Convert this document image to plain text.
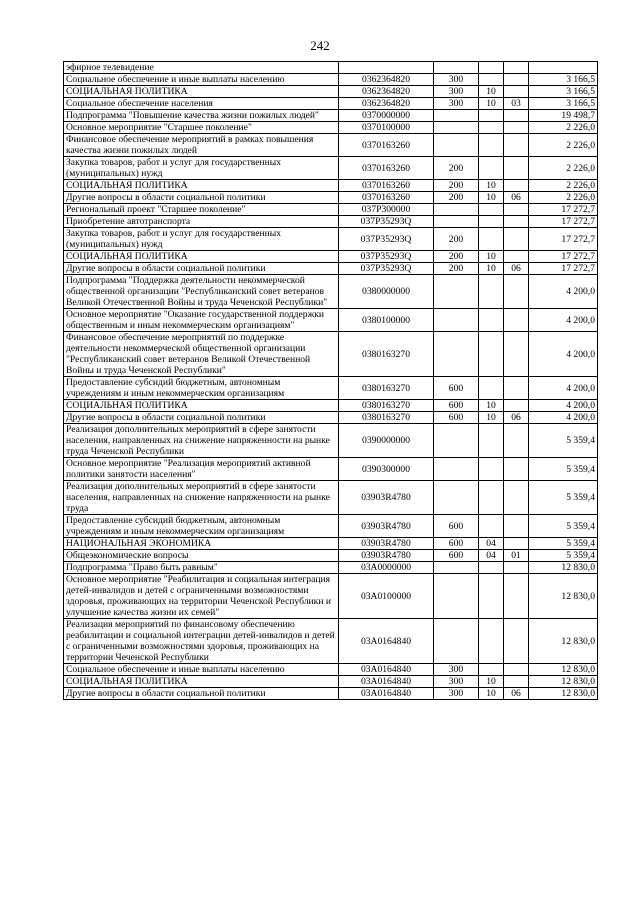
242
эфирное телевидение					
Социальное обеспечение и иные выплаты населению	0362364820	300			3 166,5
СОЦИАЛЬНАЯ ПОЛИТИКА	0362364820	300	10		3 166,5
Социальное обеспечение населения	0362364820	300	10	03	3 166,5
Подпрограмма "Повышение качества жизни пожилых людей"	0370000000				19 498,7
Основное мероприятие "Старшее поколение"	0370100000				2 226,0
Финансовое обеспечение мероприятий в рамках повышения качества жизни пожилых людей	0370163260				2 226,0
Закупка товаров, работ и услуг для государственных (муниципальных) нужд	0370163260	200			2 226,0
СОЦИАЛЬНАЯ ПОЛИТИКА	0370163260	200	10		2 226,0
Другие вопросы в области социальной политики	0370163260	200	10	06	2 226,0
Региональный проект "Старшее поколение"	037P300000				17 272,7
Приобретение автотранспорта	037P35293Q				17 272,7
Закупка товаров, работ и услуг для государственных (муниципальных) нужд	037P35293Q	200			17 272,7
СОЦИАЛЬНАЯ ПОЛИТИКА	037P35293Q	200	10		17 272,7
Другие вопросы в области социальной политики	037P35293Q	200	10	06	17 272,7
Подпрограмма "Поддержка деятельности некоммерческой общественной организации "Республиканский совет ветеранов Великой Отечественной Войны и труда Чеченской Республики"	0380000000				4 200,0
Основное мероприятие "Оказание государственной поддержки общественным и иным некоммерческим организациям"	0380100000				4 200,0
Финансовое обеспечение мероприятий по поддержке деятельности некоммерческой общественной организации "Республиканский совет ветеранов Великой Отечественной Войны и труда Чеченской Республики"	0380163270				4 200,0
Предоставление субсидий бюджетным, автономным учреждениям и иным некоммерческим организациям	0380163270	600			4 200,0
СОЦИАЛЬНАЯ ПОЛИТИКА	0380163270	600	10		4 200,0
Другие вопросы в области социальной политики	0380163270	600	10	06	4 200,0
Реализация дополнительных мероприятий в сфере занятости населения, направленных на снижение напряженности на рынке труда Чеченской Республики	0390000000				5 359,4
Основное мероприятие "Реализация мероприятий активной политики занятости населения"	0390300000				5 359,4
Реализация дополнительных мероприятий в сфере занятости населения, направленных на снижение напряженности на рынке труда	03903R4780				5 359,4
Предоставление субсидий бюджетным, автономным учреждениям и иным некоммерческим организациям	03903R4780	600			5 359,4
НАЦИОНАЛЬНАЯ ЭКОНОМИКА	03903R4780	600	04		5 359,4
Общеэкономические вопросы	03903R4780	600	04	01	5 359,4
Подпрограмма "Право быть равным"	03A0000000				12 830,0
Основное мероприятие "Реабилитация и социальная интеграция детей-инвалидов и детей с ограниченными возможностями здоровья, проживающих на территории Чеченской Республики и улучшение качества жизни их семей"	03A0100000				12 830,0
Реализация мероприятий по финансовому обеспечению реабилитации и социальной интеграции детей-инвалидов и детей с ограниченными возможностями здоровья, проживающих на территории Чеченской Республики	03A0164840				12 830,0
Социальное обеспечение и иные выплаты населению	03A0164840	300			12 830,0
СОЦИАЛЬНАЯ ПОЛИТИКА	03A0164840	300	10		12 830,0
Другие вопросы в области социальной политики	03A0164840	300	10	06	12 830,0
